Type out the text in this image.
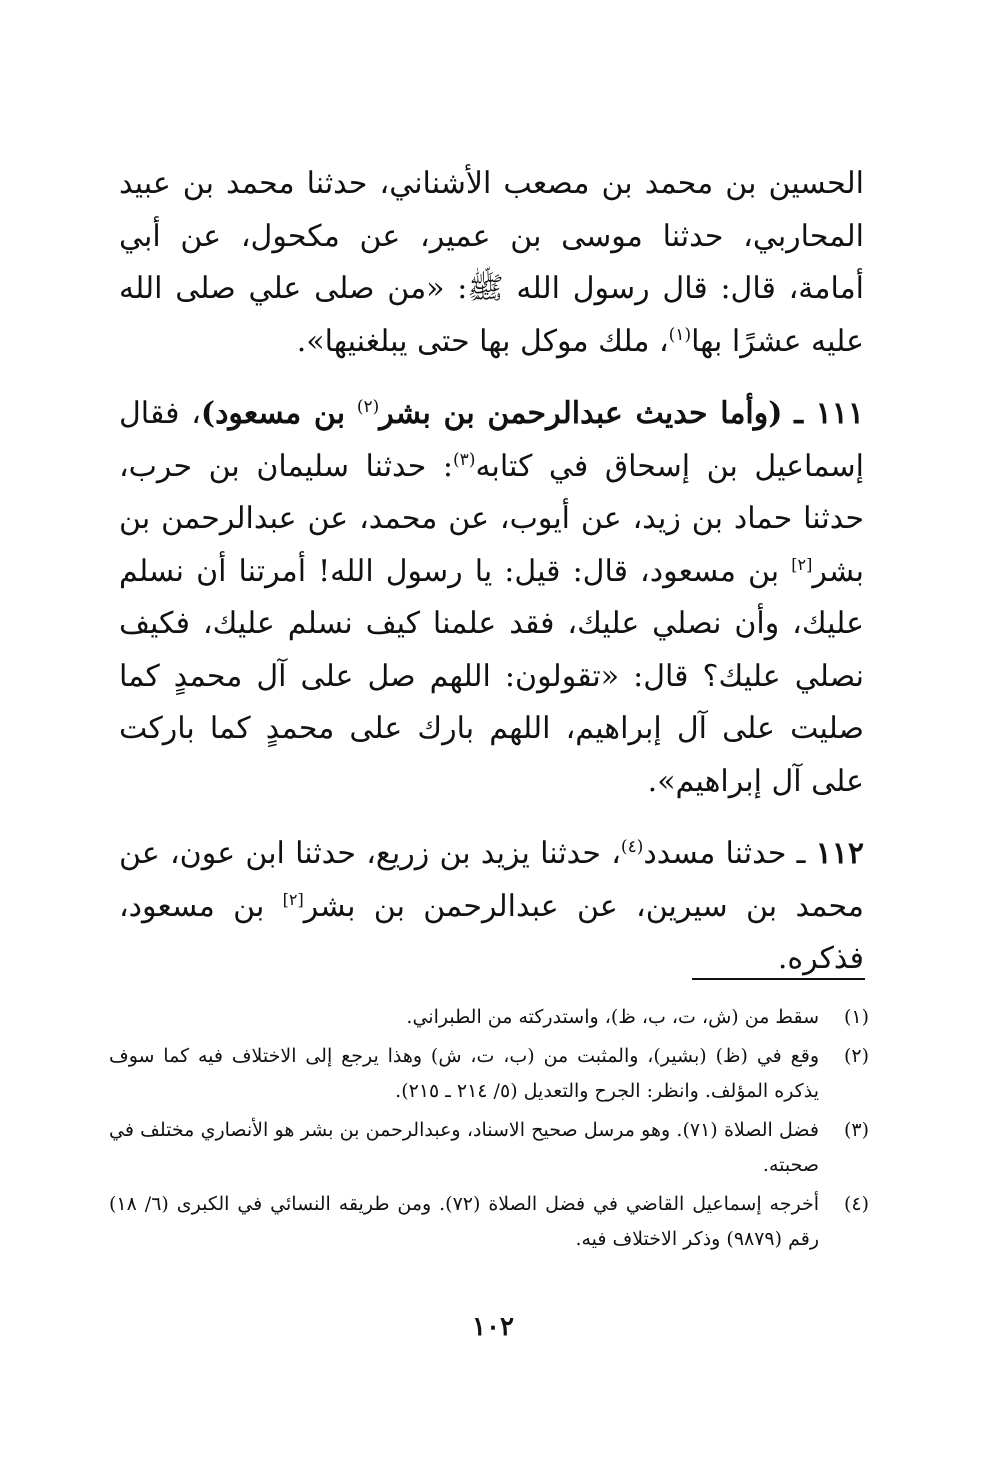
الحسين بن محمد بن مصعب الأشناني، حدثنا محمد بن عبيد المحاربي، حدثنا موسى بن عمير، عن مكحول، عن أبي أمامة، قال: قال رسول الله ﷺ: «من صلى علي صلى الله عليه عشرًا بها$^{(١)}$، ملك موكل بها حتى يبلغنيها».

١١١ ـ (وأما حديث عبدالرحمن بن بشر$^{(٢)}$ بن مسعود)، فقال إسماعيل بن إسحاق في كتابه$^{(٣)}$: حدثنا سليمان بن حرب، حدثنا حماد بن زيد، عن أيوب، عن محمد، عن عبدالرحمن بن بشر[٢] بن مسعود، قال: قيل: يا رسول الله! أمرتنا أن نسلم عليك، وأن نصلي عليك، فقد علمنا كيف نسلم عليك، فكيف نصلي عليك؟ قال: «تقولون: اللهم صل على آل محمدٍ كما صليت على آل إبراهيم، اللهم بارك على محمدٍ كما باركت على آل إبراهيم».

١١٢ ـ حدثنا مسدد$^{(٤)}$، حدثنا يزيد بن زريع، حدثنا ابن عون، عن محمد بن سيرين، عن عبدالرحمن بن بشر[٢] بن مسعود، فذكره.

(١)
سقط من (ش، ت، ب، ظ)، واستدركته من الطبراني.
(٢)
وقع في (ظ) (بشير)، والمثبت من (ب، ت، ش) وهذا يرجع إلى الاختلاف فيه كما سوف يذكره المؤلف. وانظر: الجرح والتعديل (٥/ ٢١٤ ـ ٢١٥).
(٣)
فضل الصلاة (٧١). وهو مرسل صحيح الاسناد، وعبدالرحمن بن بشر هو الأنصاري مختلف في صحبته.
(٤)
أخرجه إسماعيل القاضي في فضل الصلاة (٧٢). ومن طريقه النسائي في الكبرى (٦/ ١٨) رقم (٩٨٧٩) وذكر الاختلاف فيه.
١٠٢
